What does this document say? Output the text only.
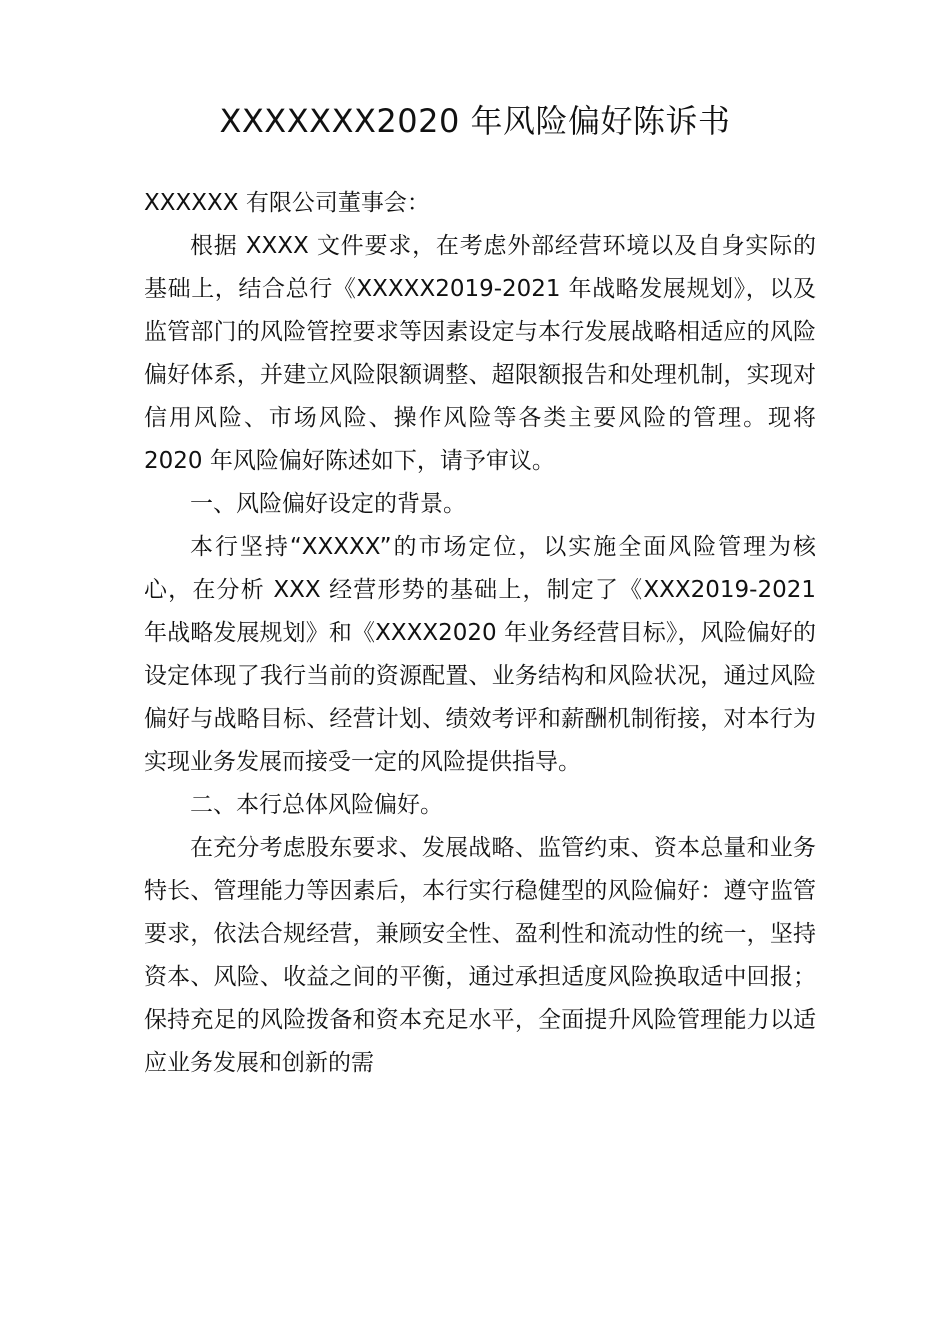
XXXXXXX2020 年风险偏好陈诉书

XXXXXX 有限公司董事会：

根据 XXXX 文件要求，在考虑外部经营环境以及自身实际的基础上，结合总行《XXXXX2019-2021 年战略发展规划》，以及监管部门的风险管控要求等因素设定与本行发展战略相适应的风险偏好体系，并建立风险限额调整、超限额报告和处理机制，实现对信用风险、市场风险、操作风险等各类主要风险的管理。现将 2020 年风险偏好陈述如下，请予审议。

一、风险偏好设定的背景。

本行坚持“XXXXX”的市场定位，以实施全面风险管理为核心，在分析 XXX 经营形势的基础上，制定了《XXX2019-2021 年战略发展规划》和《XXXX2020 年业务经营目标》，风险偏好的设定体现了我行当前的资源配置、业务结构和风险状况，通过风险偏好与战略目标、经营计划、绩效考评和薪酬机制衔接，对本行为实现业务发展而接受一定的风险提供指导。

二、本行总体风险偏好。

在充分考虑股东要求、发展战略、监管约束、资本总量和业务特长、管理能力等因素后，本行实行稳健型的风险偏好：遵守监管要求，依法合规经营，兼顾安全性、盈利性和流动性的统一，坚持资本、风险、收益之间的平衡，通过承担适度风险换取适中回报；保持充足的风险拨备和资本充足水平，全面提升风险管理能力以适应业务发展和创新的需
